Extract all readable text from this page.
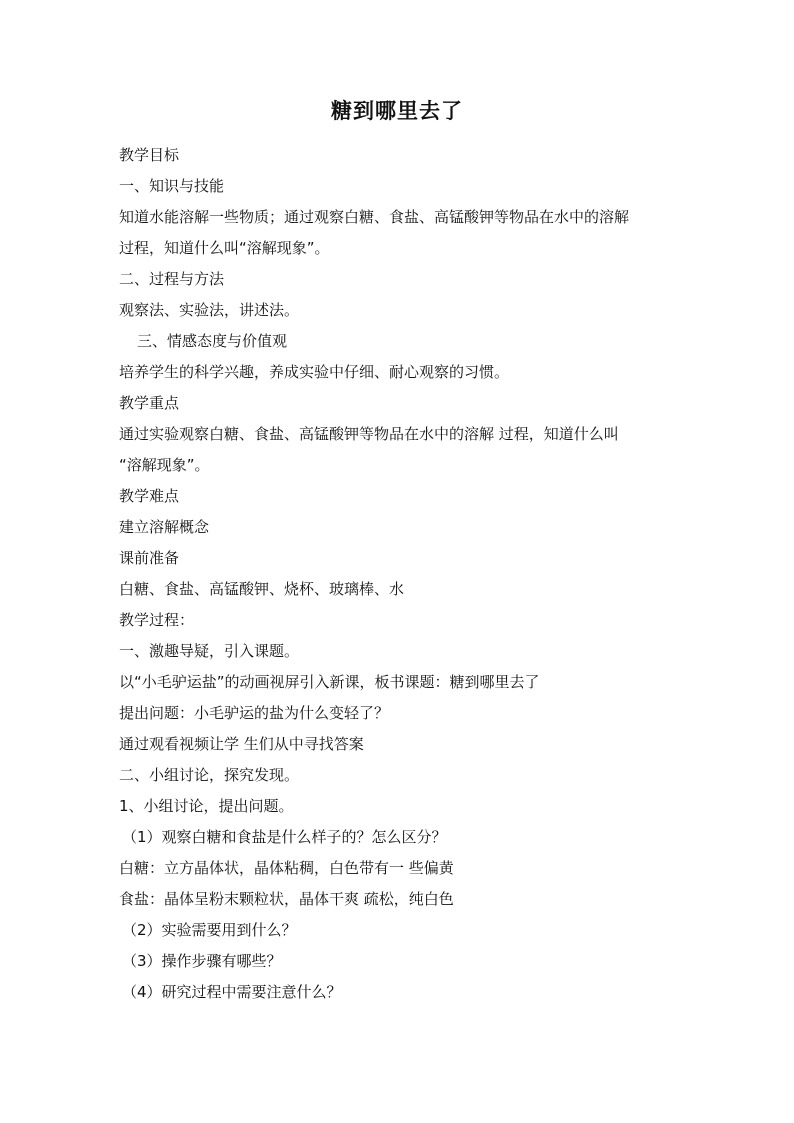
糖到哪里去了
教学目标
一、知识与技能
知道水能溶解一些物质；通过观察白糖、食盐、高锰酸钾等物品在水中的溶解
过程，知道什么叫“溶解现象”。
二、过程与方法
观察法、实验法，讲述法。
三、情感态度与价值观
培养学生的科学兴趣，养成实验中仔细、耐心观察的习惯。
教学重点
通过实验观察白糖、食盐、高锰酸钾等物品在水中的溶解 过程，知道什么叫
“溶解现象”。
教学难点
建立溶解概念
课前准备
白糖、食盐、高锰酸钾、烧杯、玻璃棒、水
教学过程：
一、激趣导疑，引入课题。
以“小毛驴运盐”的动画视屏引入新课，板书课题：糖到哪里去了
提出问题：小毛驴运的盐为什么变轻了？
通过观看视频让学 生们从中寻找答案
二、小组讨论，探究发现。
1、小组讨论，提出问题。
（1）观察白糖和食盐是什么样子的？怎么区分？
白糖：立方晶体状，晶体粘稠，白色带有一 些偏黄
食盐：晶体呈粉末颗粒状，晶体干爽 疏松，纯白色
（2）实验需要用到什么？
（3）操作步骤有哪些？
（4）研究过程中需要注意什么？
